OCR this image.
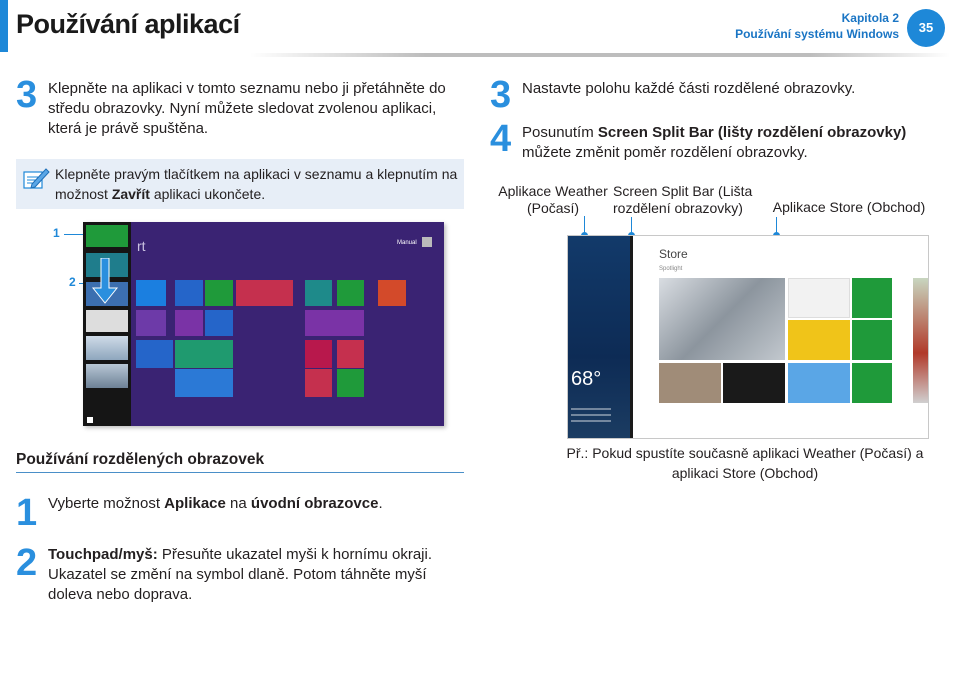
Používání aplikací	Kapitola 2
Používání systému Windows	35
3 Klepněte na aplikaci v tomto seznamu nebo ji přetáhněte do středu obrazovky. Nyní můžete sledovat zvolenou aplikaci, která je právě spuštěna.
Klepněte pravým tlačítkem na aplikaci v seznamu a klepnutím na možnost Zavřít aplikaci ukončete.
1
2
rt	Manual
Používání rozdělených obrazovek
1 Vyberte možnost Aplikace na úvodní obrazovce.
2 Touchpad/myš: Přesuňte ukazatel myši k hornímu okraji. Ukazatel se změní na symbol dlaně. Potom táhněte myší doleva nebo doprava.
3 Nastavte polohu každé části rozdělené obrazovky.
4 Posunutím Screen Split Bar (lišty rozdělení obrazovky) můžete změnit poměr rozdělení obrazovky.
Aplikace Weather (Počasí)
Screen Split Bar (Lišta rozdělení obrazovky)	Aplikace Store (Obchod)
68°
Store
Spotlight
Př.: Pokud spustíte současně aplikaci Weather (Počasí) a aplikaci Store (Obchod)
